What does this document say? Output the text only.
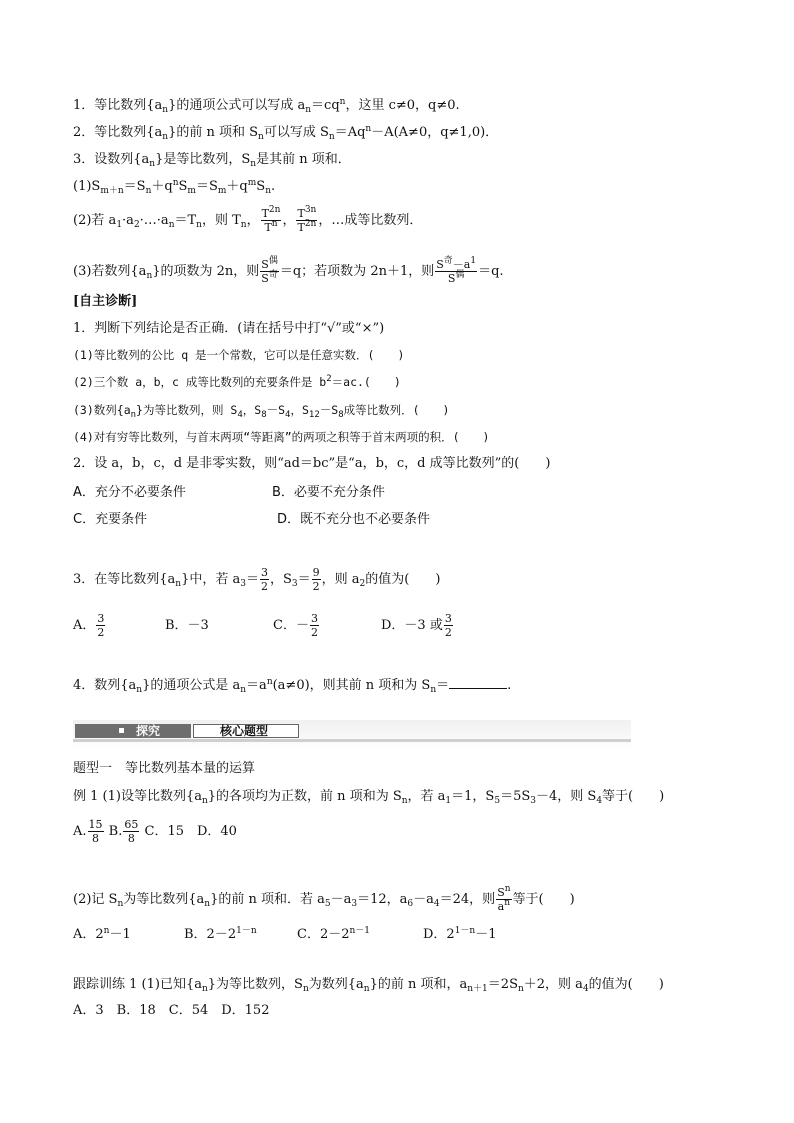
1．等比数列$\{a_n\}$的通项公式可以写成 $a_n=cq^n$，这里 c≠0，q≠0.
2．等比数列$\{a_n\}$的前 n 项和 $S_n$可以写成 $S_n=Aq^n-A(A\ne 0$，q≠1,0)．
3．设数列$\{a_n\}$是等比数列，$S_n$是其前 n 项和．
$(1)S_{m+n}=S_n+q^nS_m=S_m+q^mS_n$.
(2)若 $a_1\cdot a_2\cdot\dots\cdot a_n=T_n$，则 $T_n$， $\frac{T^{2n}}{T^n}$ ， $\frac{T^{3n}}{T^{2n}}$ ，…成等比数列．
(3)若数列$\{a_n\}$的项数为 2n，则 $\frac{S^偶}{S^奇} =q$；若项数为 2n＋1，则 $\frac{S^奇-a^1}{S^偶} =q$.
[自主诊断]
1．判断下列结论是否正确．(请在括号中打“√”或“×”)
(1)等比数列的公比 q 是一个常数，它可以是任意实数．(　　)
(2)三个数 a，b，c 成等比数列的充要条件是 $b^2=ac$.(　　)
(3)数列$\{a_n\}$为等比数列，则 $S_4$，$S_8-S_4$，$S_{12}-S_8$成等比数列．(　　)
(4)对有穷等比数列，与首末两项“等距离”的两项之积等于首末两项的积．(　　)
2．设 a，b，c，d 是非零实数，则“ad＝bc”是“a，b，c，d 成等比数列”的(　　)
A．充分不必要条件	B．必要不充分条件
C．充要条件	D．既不充分也不必要条件
3．在等比数列$\{a_n\}$中，若 $a_3= \frac{3}{2}$ ，$S_3= \frac{9}{2}$ ，则 $a_2$的值为(　　)
A． $\frac{3}{2}$	B．－3	C．－ $\frac{3}{2}$	D．－3 或 $\frac{3}{2}$
4．数列$\{a_n\}$的通项公式是 $a_n=a^n(a\ne 0)$，则其前 n 项和为 $S_n=$	.
探究	核心题型
题型一　等比数列基本量的运算
例 1 (1)设等比数列$\{a_n\}$的各项均为正数，前 n 项和为 $S_n$，若 $a_1=1$，$S_5=5S_3-4$，则 $S_4$等于(　　)
A. $\frac{15}{8} B$. $\frac{65}{8}$ C．15　D．40
(2)记 $S_n$为等比数列$\{a_n\}$的前 n 项和．若 $a_5-a_3=12$，$a_6-a_4=24$，则 $\frac{S^n}{a^n}$ 等于(　　)
A．$2^n-1$	B．$2-2^{1-n}$	C．$2-2^{n-1}$	D．$2^{1-n}-1$
跟踪训练 1 (1)已知$\{a_n\}$为等比数列，$S_n$为数列$\{a_n\}$的前 n 项和，$a_{n+1}=2S_n+2$，则 $a_4$的值为(　　)
A．3　B．18　C．54　D．152
